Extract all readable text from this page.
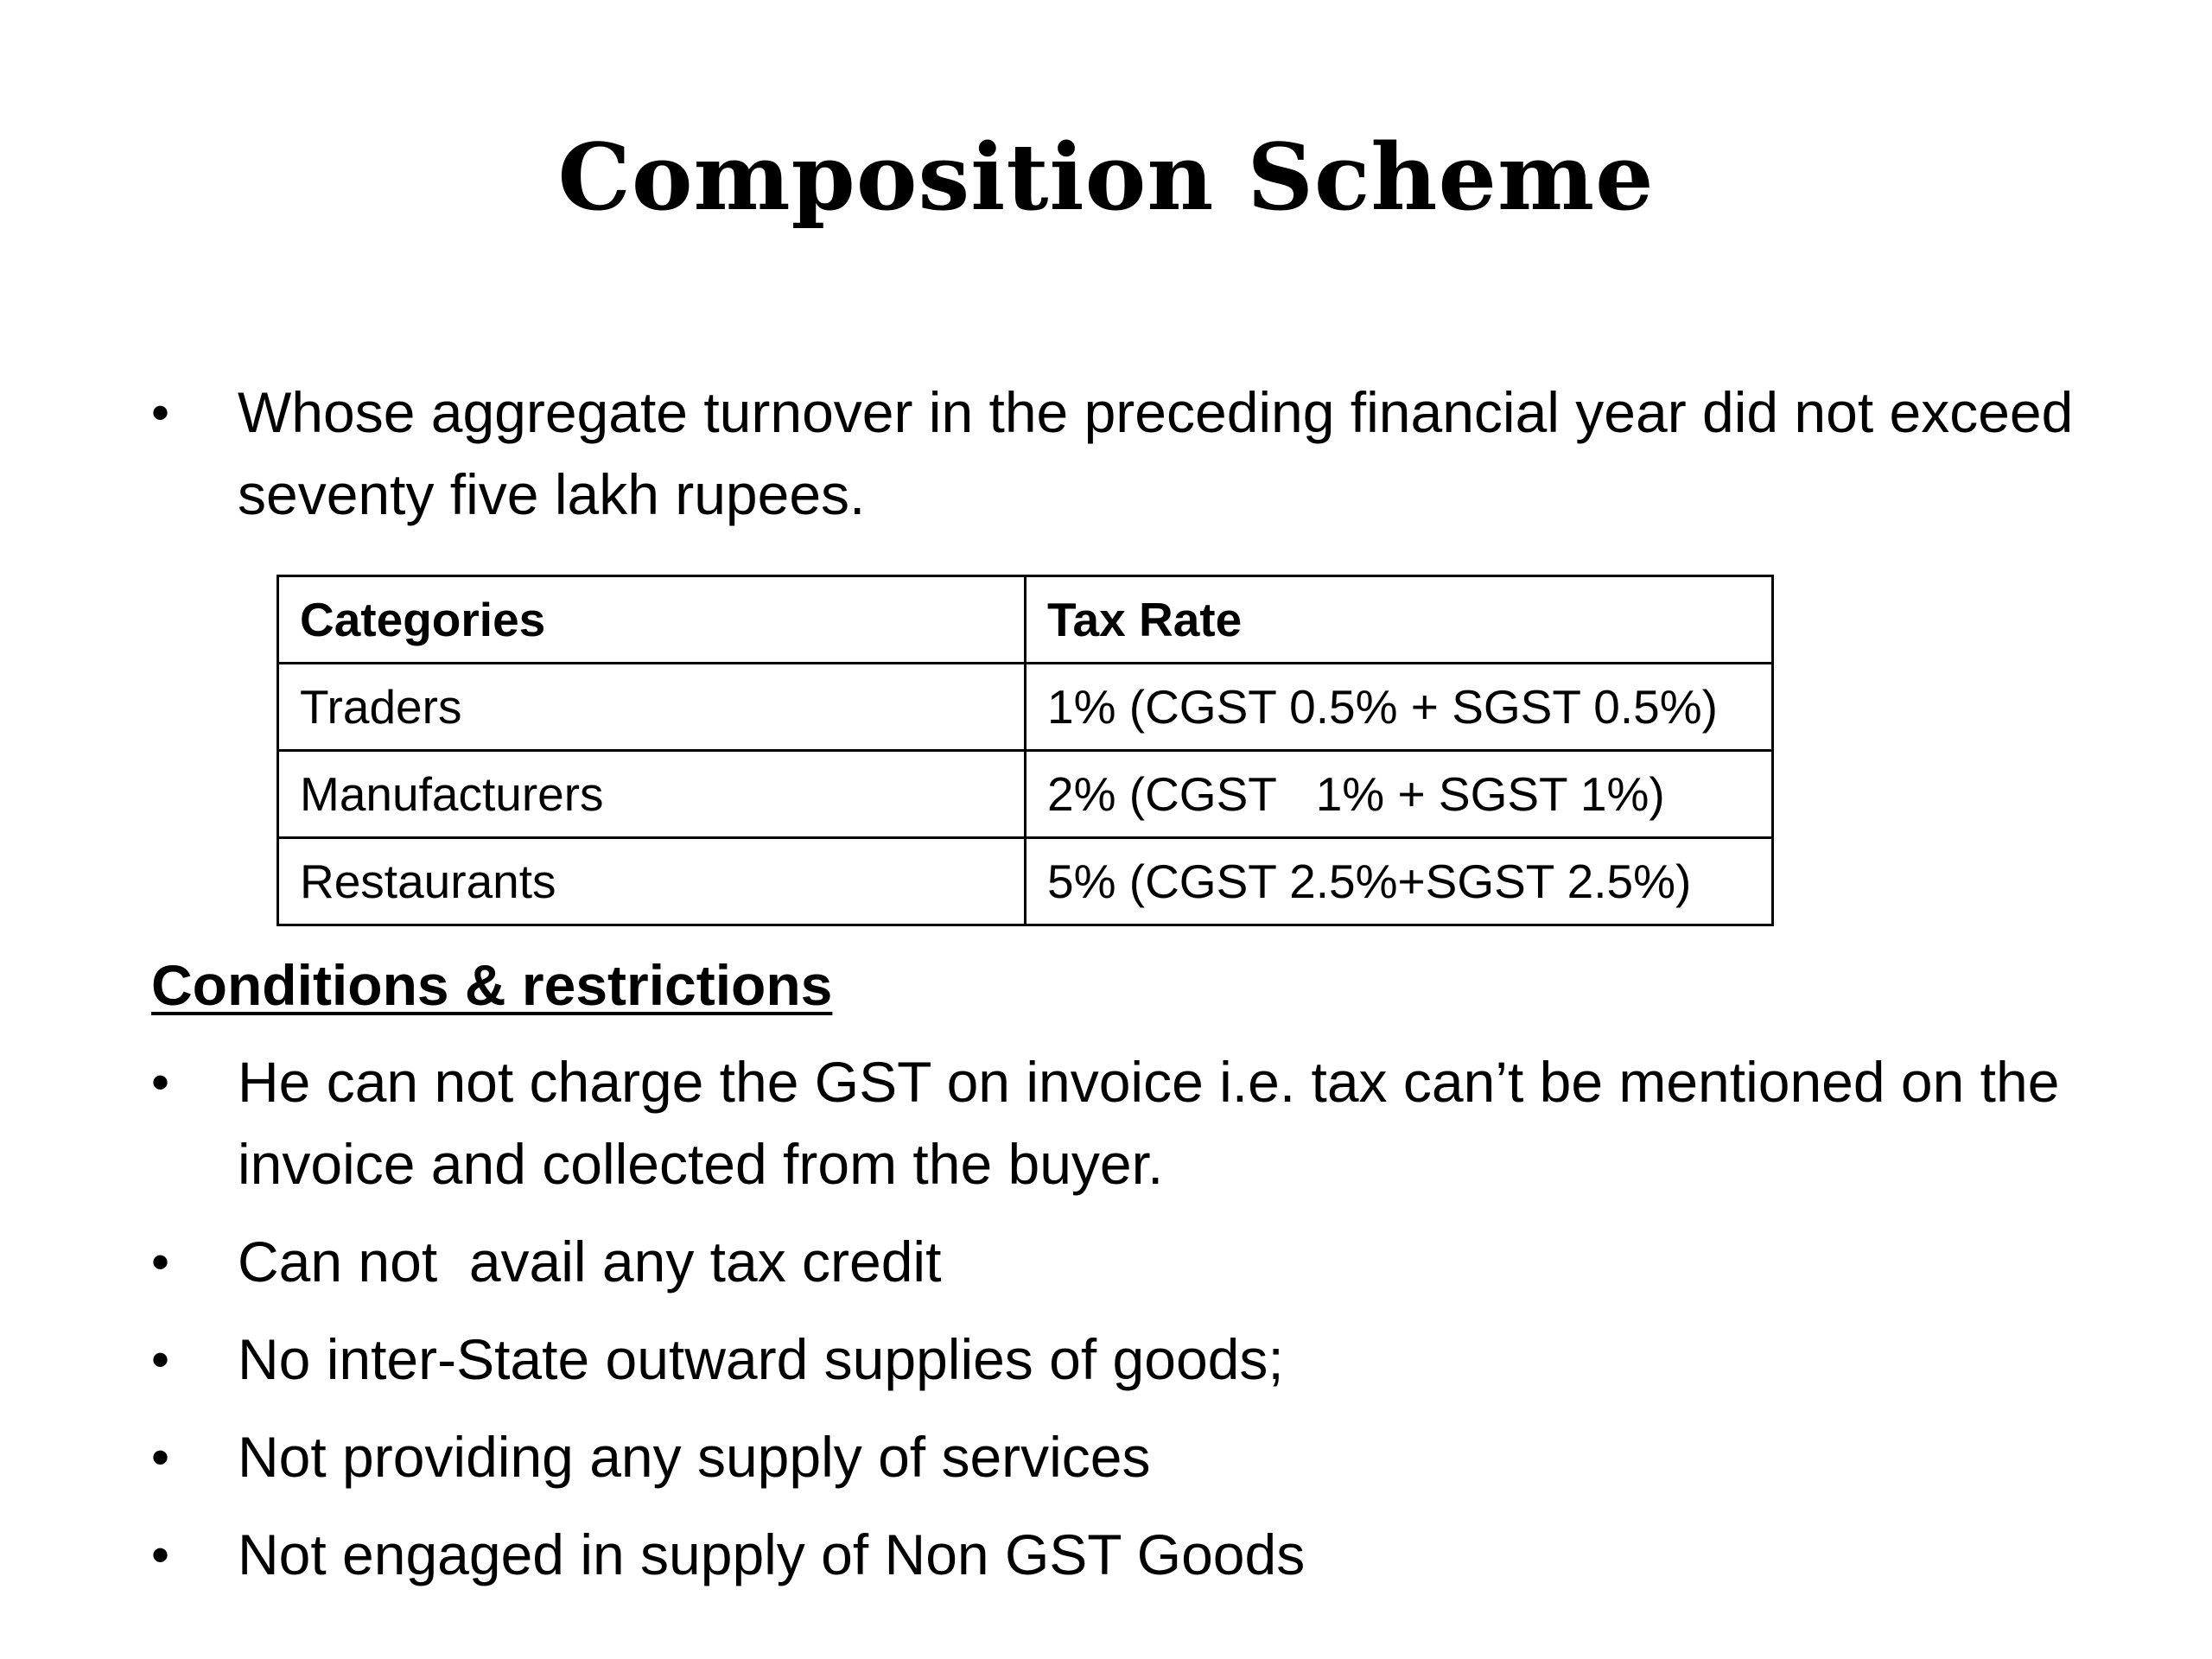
Composition Scheme
• Whose aggregate turnover in the preceding financial year did not exceed seventy five lakh rupees.
Categories	Tax Rate
Traders	1% (CGST 0.5% + SGST 0.5%)
Manufacturers	2% (CGST   1% + SGST 1%)
Restaurants	5% (CGST 2.5%+SGST 2.5%)
Conditions & restrictions
• He can not charge the GST on invoice i.e. tax can’t be mentioned on the invoice and collected from the buyer.
• Can not  avail any tax credit
• No inter-State outward supplies of goods;
• Not providing any supply of services
• Not engaged in supply of Non GST Goods
